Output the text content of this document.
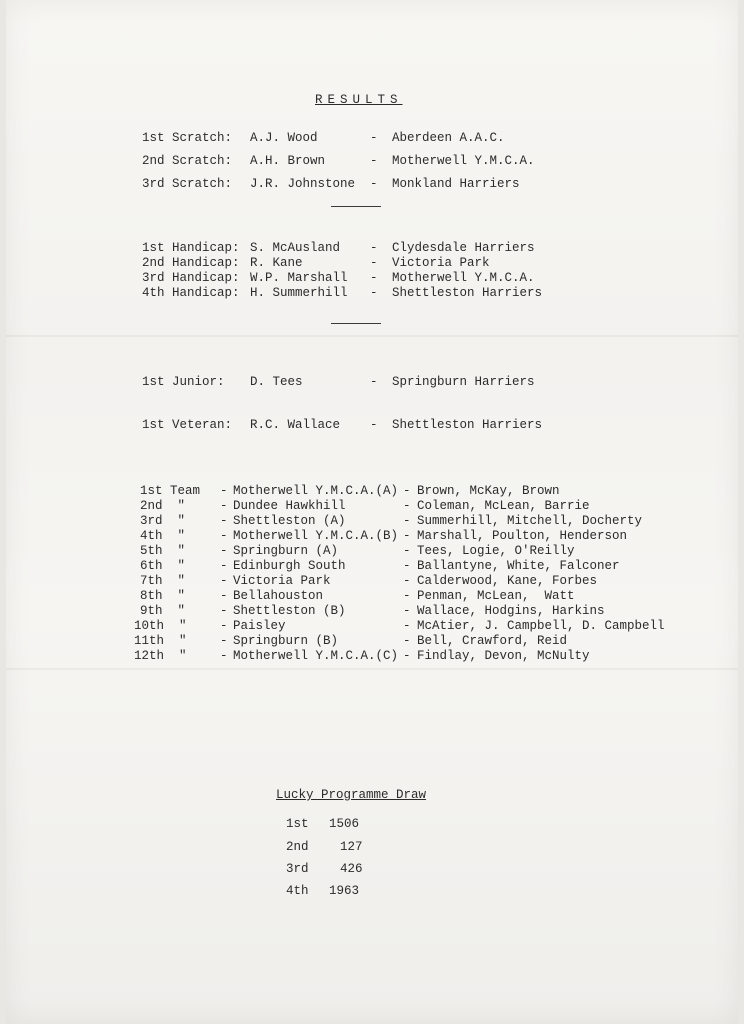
RESULTS
1st Scratch: A.J. Wood	- Aberdeen A.A.C.
2nd Scratch: A.H. Brown	- Motherwell Y.M.C.A.
3rd Scratch: J.R. Johnstone - Monkland Harriers
1st Handicap: S. McAusland - Clydesdale Harriers
2nd Handicap: R. Kane	- Victoria Park
3rd Handicap: W.P. Marshall - Motherwell Y.M.C.A.
4th Handicap: H. Summerhill - Shettleston Harriers
1st Junior: D. Tees	- Springburn Harriers
1st Veteran: R.C. Wallace - Shettleston Harriers
1st Team - Motherwell Y.M.C.A.(A) - Brown, McKay, Brown
2nd  "	- Dundee Hawkhill	- Coleman, McLean, Barrie
3rd  "	- Shettleston (A)	- Summerhill, Mitchell, Docherty
4th  "	- Motherwell Y.M.C.A.(B) - Marshall, Poulton, Henderson
5th  "	- Springburn (A)	- Tees, Logie, O'Reilly
6th  "	- Edinburgh South	- Ballantyne, White, Falconer
7th  "	- Victoria Park	- Calderwood, Kane, Forbes
8th  "	- Bellahouston	- Penman, McLean,  Watt
9th  "	- Shettleston (B)	- Wallace, Hodgins, Harkins
10th  "	- Paisley	- McAtier, J. Campbell, D. Campbell
11th  "	- Springburn (B)	- Bell, Crawford, Reid
12th  "	- Motherwell Y.M.C.A.(C) - Findlay, Devon, McNulty
Lucky Programme Draw
1st 1506
2nd	127
3rd	426
4th 1963
